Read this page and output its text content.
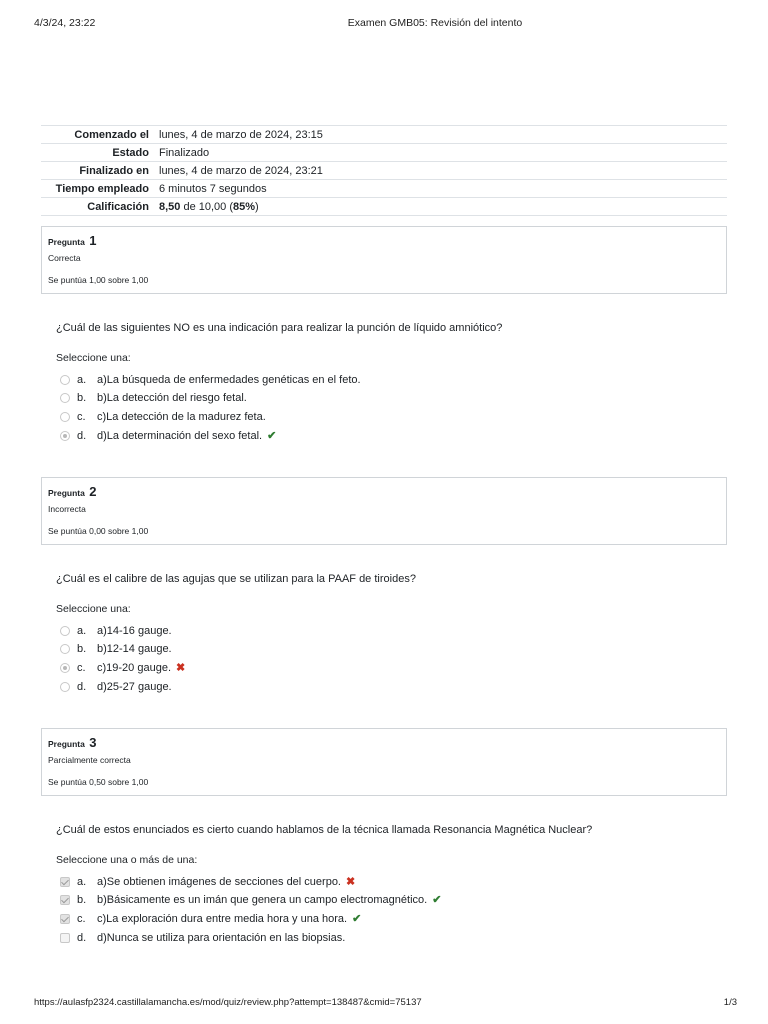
4/3/24, 23:22	Examen GMB05: Revisión del intento
Comenzado el	lunes, 4 de marzo de 2024, 23:15
Estado	Finalizado
Finalizado en	lunes, 4 de marzo de 2024, 23:21
Tiempo empleado	6 minutos 7 segundos
Calificación	8,50 de 10,00 (85%)
Pregunta 1
Correcta
Se puntúa 1,00 sobre 1,00
¿Cuál de las siguientes NO es una indicación para realizar la punción de líquido amniótico?
Seleccione una:
a. a)La búsqueda de enfermedades genéticas en el feto.
b. b)La detección del riesgo fetal.
c.	c)La detección de la madurez feta.
d. d)La determinación del sexo fetal. ✔
Pregunta 2
Incorrecta
Se puntúa 0,00 sobre 1,00
¿Cuál es el calibre de las agujas que se utilizan para la PAAF de tiroides?
Seleccione una:
a. a)14-16 gauge.
b. b)12-14 gauge.
c.	c)19-20 gauge. ✖
d. d)25-27 gauge.
Pregunta 3
Parcialmente correcta
Se puntúa 0,50 sobre 1,00
¿Cuál de estos enunciados es cierto cuando hablamos de la técnica llamada Resonancia Magnética Nuclear?
Seleccione una o más de una:
a. a)Se obtienen imágenes de secciones del cuerpo. ✖
b. b)Básicamente es un imán que genera un campo electromagnético. ✔
c.	c)La exploración dura entre media hora y una hora. ✔
d. d)Nunca se utiliza para orientación en las biopsias.
https://aulasfp2324.castillalamancha.es/mod/quiz/review.php?attempt=138487&cmid=75137	1/3
